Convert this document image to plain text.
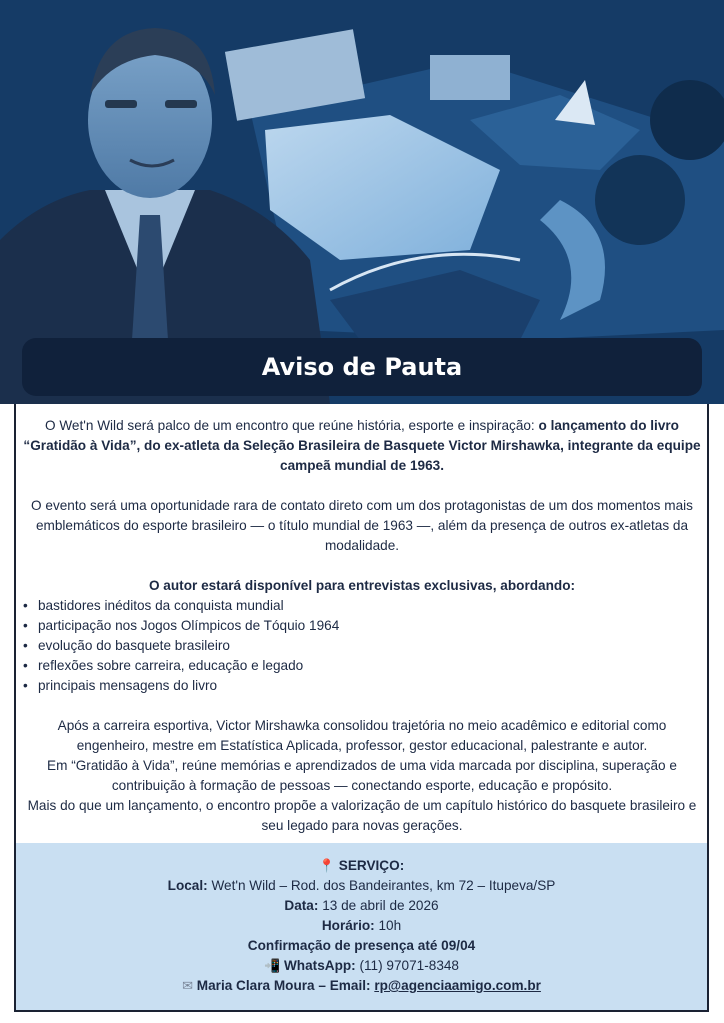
Aviso de Pauta

O Wet'n Wild será palco de um encontro que reúne história, esporte e inspiração: o lançamento do livro “Gratidão à Vida”, do ex-atleta da Seleção Brasileira de Basquete Victor Mirshawka, integrante da equipe campeã mundial de 1963.

O evento será uma oportunidade rara de contato direto com um dos protagonistas de um dos momentos mais emblemáticos do esporte brasileiro — o título mundial de 1963 —, além da presença de outros ex-atletas da modalidade.

O autor estará disponível para entrevistas exclusivas, abordando:

• bastidores inéditos da conquista mundial
• participação nos Jogos Olímpicos de Tóquio 1964
• evolução do basquete brasileiro
• reflexões sobre carreira, educação e legado
• principais mensagens do livro

Após a carreira esportiva, Victor Mirshawka consolidou trajetória no meio acadêmico e editorial como engenheiro, mestre em Estatística Aplicada, professor, gestor educacional, palestrante e autor.

Em “Gratidão à Vida”, reúne memórias e aprendizados de uma vida marcada por disciplina, superação e contribuição à formação de pessoas — conectando esporte, educação e propósito.

Mais do que um lançamento, o encontro propõe a valorização de um capítulo histórico do basquete brasileiro e seu legado para novas gerações.

📍 SERVIÇO:
Local: Wet'n Wild – Rod. dos Bandeirantes, km 72 – Itupeva/SP
Data: 13 de abril de 2026
Horário: 10h
Confirmação de presença até 09/04
📲 WhatsApp: (11) 97071-8348
✉ Maria Clara Moura – Email: rp@agenciaamigo.com.br
